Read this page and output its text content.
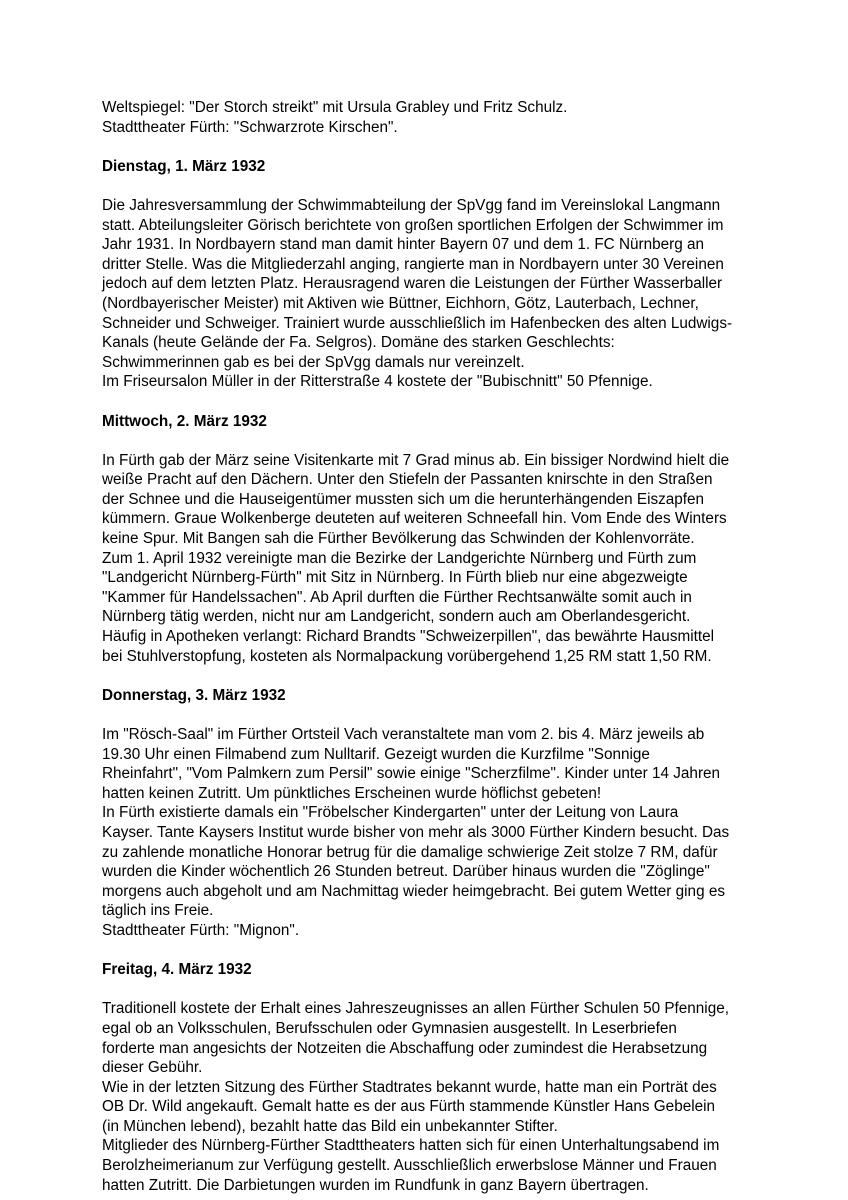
Weltspiegel: "Der Storch streikt" mit Ursula Grabley und Fritz Schulz.
Stadttheater Fürth: "Schwarzrote Kirschen".
Dienstag, 1. März 1932
Die Jahresversammlung der Schwimmabteilung der SpVgg fand im Vereinslokal Langmann
statt. Abteilungsleiter Görisch berichtete von großen sportlichen Erfolgen der Schwimmer im
Jahr 1931. In Nordbayern stand man damit hinter Bayern 07 und dem 1. FC Nürnberg an
dritter Stelle. Was die Mitgliederzahl anging, rangierte man in Nordbayern unter 30 Vereinen
jedoch auf dem letzten Platz. Herausragend waren die Leistungen der Fürther Wasserballer
(Nordbayerischer Meister) mit Aktiven wie Büttner, Eichhorn, Götz, Lauterbach, Lechner,
Schneider und Schweiger. Trainiert wurde ausschließlich im Hafenbecken des alten Ludwigs-
Kanals (heute Gelände der Fa. Selgros). Domäne des starken Geschlechts:
Schwimmerinnen gab es bei der SpVgg damals nur vereinzelt.
Im Friseursalon Müller in der Ritterstraße 4 kostete der "Bubischnitt" 50 Pfennige.
Mittwoch, 2. März 1932
In Fürth gab der März seine Visitenkarte mit 7 Grad minus ab. Ein bissiger Nordwind hielt die
weiße Pracht auf den Dächern. Unter den Stiefeln der Passanten knirschte in den Straßen
der Schnee und die Hauseigentümer mussten sich um die herunterhängenden Eiszapfen
kümmern. Graue Wolkenberge deuteten auf weiteren Schneefall hin. Vom Ende des Winters
keine Spur. Mit Bangen sah die Fürther Bevölkerung das Schwinden der Kohlenvorräte.
Zum 1. April 1932 vereinigte man die Bezirke der Landgerichte Nürnberg und Fürth zum
"Landgericht Nürnberg-Fürth" mit Sitz in Nürnberg. In Fürth blieb nur eine abgezweigte
"Kammer für Handelssachen". Ab April durften die Fürther Rechtsanwälte somit auch in
Nürnberg tätig werden, nicht nur am Landgericht, sondern auch am Oberlandesgericht.
Häufig in Apotheken verlangt: Richard Brandts "Schweizerpillen", das bewährte Hausmittel
bei Stuhlverstopfung, kosteten als Normalpackung vorübergehend 1,25 RM statt 1,50 RM.
Donnerstag, 3. März 1932
Im "Rösch-Saal" im Fürther Ortsteil Vach veranstaltete man vom 2. bis 4. März jeweils ab
19.30 Uhr einen Filmabend zum Nulltarif. Gezeigt wurden die Kurzfilme "Sonnige
Rheinfahrt", "Vom Palmkern zum Persil" sowie einige "Scherzfilme". Kinder unter 14 Jahren
hatten keinen Zutritt. Um pünktliches Erscheinen wurde höflichst gebeten!
In Fürth existierte damals ein "Fröbelscher Kindergarten" unter der Leitung von Laura
Kayser. Tante Kaysers Institut wurde bisher von mehr als 3000 Fürther Kindern besucht. Das
zu zahlende monatliche Honorar betrug für die damalige schwierige Zeit stolze 7 RM, dafür
wurden die Kinder wöchentlich 26 Stunden betreut. Darüber hinaus wurden die "Zöglinge"
morgens auch abgeholt und am Nachmittag wieder heimgebracht. Bei gutem Wetter ging es
täglich ins Freie.
Stadttheater Fürth: "Mignon".
Freitag, 4. März 1932
Traditionell kostete der Erhalt eines Jahreszeugnisses an allen Fürther Schulen 50 Pfennige,
egal ob an Volksschulen, Berufsschulen oder Gymnasien ausgestellt. In Leserbriefen
forderte man angesichts der Notzeiten die Abschaffung oder zumindest die Herabsetzung
dieser Gebühr.
Wie in der letzten Sitzung des Fürther Stadtrates bekannt wurde, hatte man ein Porträt des
OB Dr. Wild angekauft. Gemalt hatte es der aus Fürth stammende Künstler Hans Gebelein
(in München lebend), bezahlt hatte das Bild ein unbekannter Stifter.
Mitglieder des Nürnberg-Fürther Stadttheaters hatten sich für einen Unterhaltungsabend im
Berolzheimerianum zur Verfügung gestellt. Ausschließlich erwerbslose Männer und Frauen
hatten Zutritt. Die Darbietungen wurden im Rundfunk in ganz Bayern übertragen.
